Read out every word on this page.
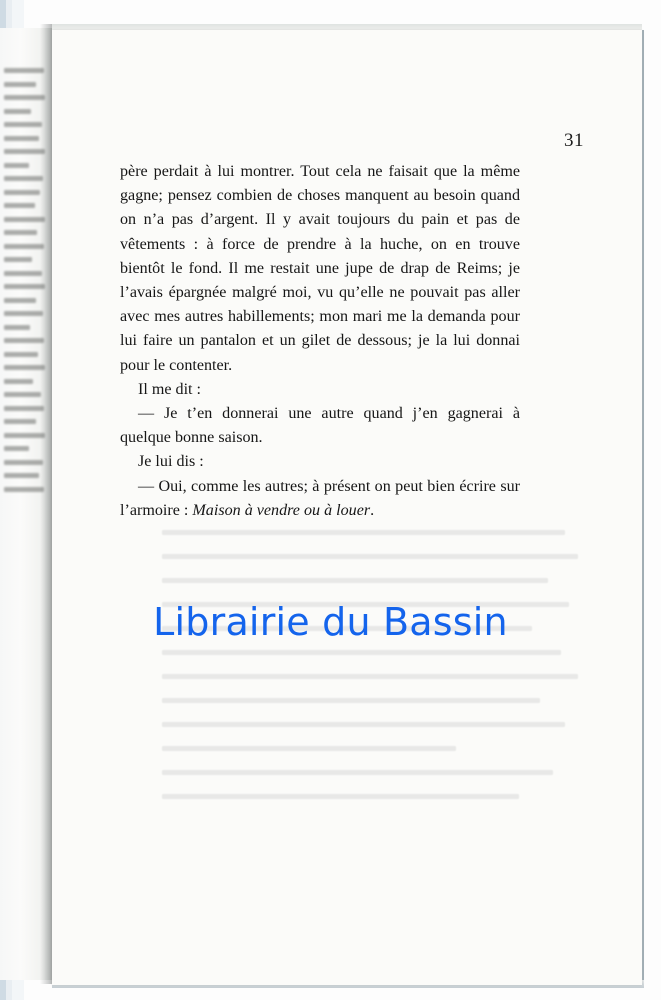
31

père perdait à lui montrer. Tout cela ne faisait que la même gagne; pensez combien de choses manquent au besoin quand on n’a pas d’argent. Il y avait toujours du pain et pas de vêtements : à force de prendre à la huche, on en trouve bientôt le fond. Il me restait une jupe de drap de Reims; je l’avais épargnée malgré moi, vu qu’elle ne pouvait pas aller avec mes autres habillements; mon mari me la demanda pour lui faire un pantalon et un gilet de dessous; je la lui donnai pour le contenter.

Il me dit :

— Je t’en donnerai une autre quand j’en gagnerai à quelque bonne saison.

Je lui dis :

— Oui, comme les autres; à présent on peut bien écrire sur l’armoire : Maison à vendre ou à louer.

Librairie du Bassin
